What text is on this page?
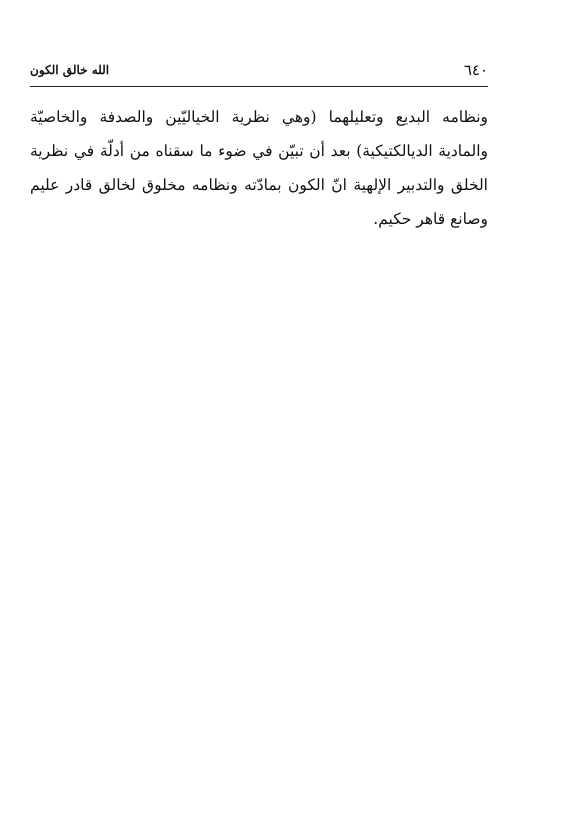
٦٤٠
الله خالق الكون

ونظامه البديع وتعليلهما (وهي نظرية الخياليّين والصدفة والخاصيّة والمادية الديالكتيكية) بعد أن تبيّن في ضوء ما سقناه من أدلّة في نظرية الخلق والتدبير الإلهية انّ الكون بمادّته ونظامه مخلوق لخالق قادر عليم وصانع قاهر حكيم.
